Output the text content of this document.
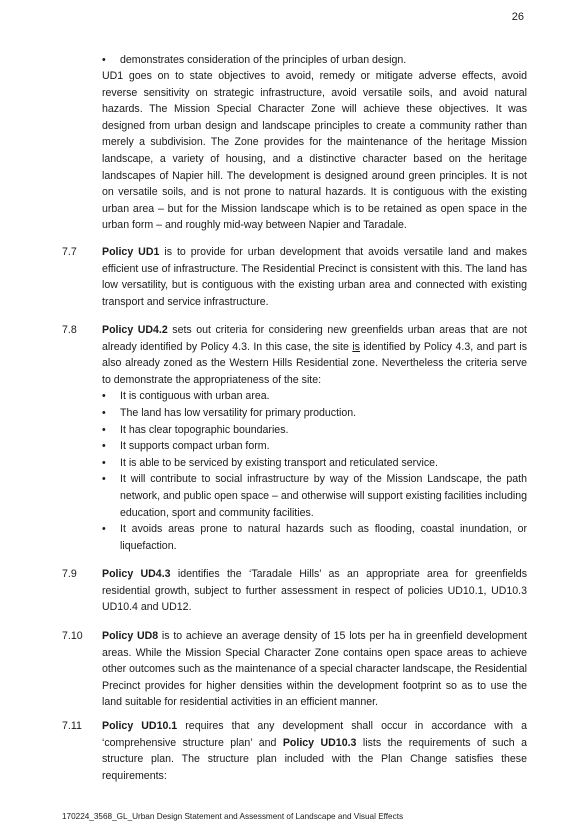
26
•	demonstrates consideration of the principles of urban design.

UD1 goes on to state objectives to avoid, remedy or mitigate adverse effects, avoid reverse sensitivity on strategic infrastructure, avoid versatile soils, and avoid natural hazards. The Mission Special Character Zone will achieve these objectives. It was designed from urban design and landscape principles to create a community rather than merely a subdivision. The Zone provides for the maintenance of the heritage Mission landscape, a variety of housing, and a distinctive character based on the heritage landscapes of Napier hill. The development is designed around green principles. It is not on versatile soils, and is not prone to natural hazards. It is contiguous with the existing urban area – but for the Mission landscape which is to be retained as open space in the urban form – and roughly mid-way between Napier and Taradale.

7.7 Policy UD1 is to provide for urban development that avoids versatile land and makes efficient use of infrastructure. The Residential Precinct is consistent with this. The land has low versatility, but is contiguous with the existing urban area and connected with existing transport and service infrastructure.

7.8 Policy UD4.2 sets out criteria for considering new greenfields urban areas that are not already identified by Policy 4.3. In this case, the site is identified by Policy 4.3, and part is also already zoned as the Western Hills Residential zone. Nevertheless the criteria serve to demonstrate the appropriateness of the site:

• It is contiguous with urban area.
• The land has low versatility for primary production.
• It has clear topographic boundaries.
• It supports compact urban form.
• It is able to be serviced by existing transport and reticulated service.
• It will contribute to social infrastructure by way of the Mission Landscape, the path network, and public open space – and otherwise will support existing facilities including education, sport and community facilities.
• It avoids areas prone to natural hazards such as flooding, coastal inundation, or liquefaction.
7.9 Policy UD4.3 identifies the ‘Taradale Hills’ as an appropriate area for greenfields residential growth, subject to further assessment in respect of policies UD10.1, UD10.3 UD10.4 and UD12.

7.10 Policy UD8 is to achieve an average density of 15 lots per ha in greenfield development areas. While the Mission Special Character Zone contains open space areas to achieve other outcomes such as the maintenance of a special character landscape, the Residential Precinct provides for higher densities within the development footprint so as to use the land suitable for residential activities in an efficient manner.

7.11 Policy UD10.1 requires that any development shall occur in accordance with a ‘comprehensive structure plan’ and Policy UD10.3 lists the requirements of such a structure plan. The structure plan included with the Plan Change satisfies these requirements:

170224_3568_GL_Urban Design Statement and Assessment of Landscape and Visual Effects
